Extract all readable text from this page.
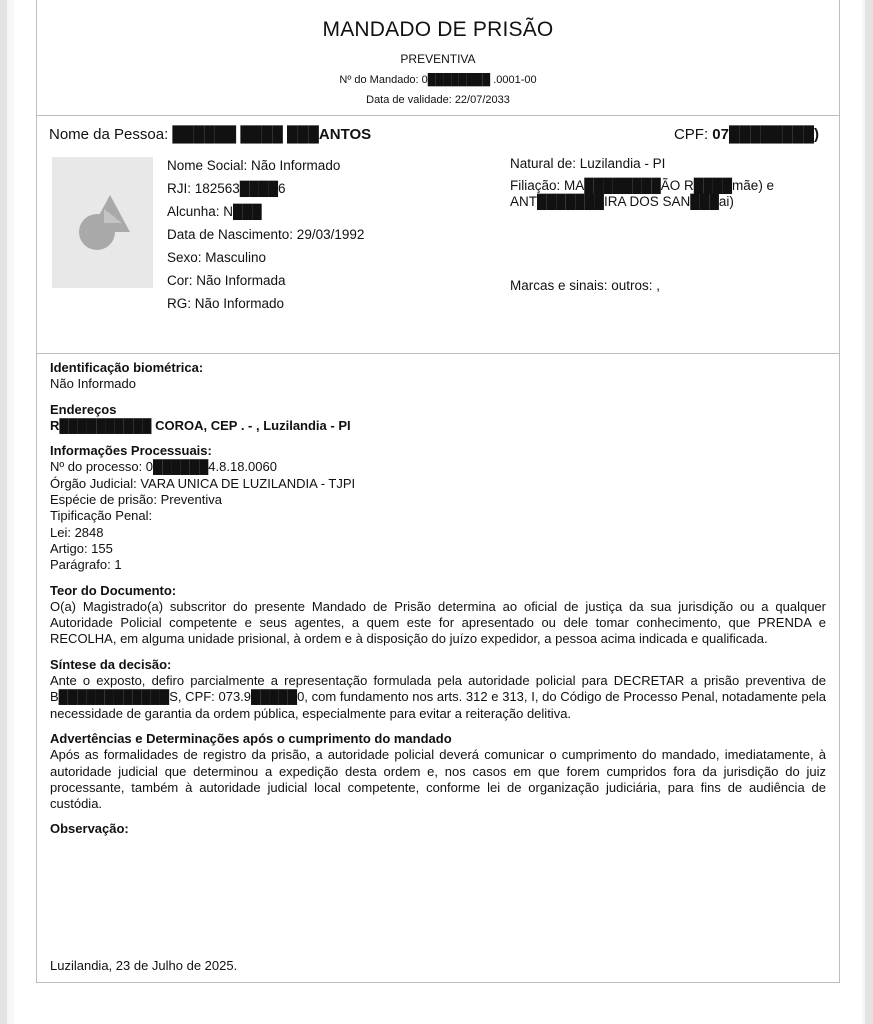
MANDADO DE PRISÃO
PREVENTIVA
Nº do Mandado: 0████████ .0001-00
Data de validade: 22/07/2033
Nome da Pessoa: ██████ ████ ███ANTOS	CPF: 07████████)
Nome Social: Não Informado
RJI: 182563████6
Alcunha: N███
Data de Nascimento: 29/03/1992
Sexo: Masculino
Cor: Não Informada
RG: Não Informado
Natural de: Luzilandia - PI
Filiação: MA████████ÃO R████mãe) e ANT███████IRA DOS SAN███ai)
Marcas e sinais: outros: ,
Identificação biométrica:
Não Informado
Endereços
R██████████ COROA, CEP . - , Luzilandia - PI
Informações Processuais:
Nº do processo: 0██████4.8.18.0060
Órgão Judicial: VARA UNICA DE LUZILANDIA - TJPI
Espécie de prisão: Preventiva
Tipificação Penal:
Lei: 2848
Artigo: 155
Parágrafo: 1
Teor do Documento:
O(a) Magistrado(a) subscritor do presente Mandado de Prisão determina ao oficial de justiça da sua jurisdição ou a qualquer Autoridade Policial competente e seus agentes, a quem este for apresentado ou dele tomar conhecimento, que PRENDA e RECOLHA, em alguma unidade prisional, à ordem e à disposição do juízo expedidor, a pessoa acima indicada e qualificada.
Síntese da decisão:
Ante o exposto, defiro parcialmente a representação formulada pela autoridade policial para DECRETAR a prisão preventiva de B████████████S, CPF: 073.9█████0, com fundamento nos arts. 312 e 313, I, do Código de Processo Penal, notadamente pela necessidade de garantia da ordem pública, especialmente para evitar a reiteração delitiva.
Advertências e Determinações após o cumprimento do mandado
Após as formalidades de registro da prisão, a autoridade policial deverá comunicar o cumprimento do mandado, imediatamente, à autoridade judicial que determinou a expedição desta ordem e, nos casos em que forem cumpridos fora da jurisdição do juiz processante, também à autoridade judicial local competente, conforme lei de organização judiciária, para fins de audiência de custódia.
Observação:
Luzilandia, 23 de Julho de 2025.
